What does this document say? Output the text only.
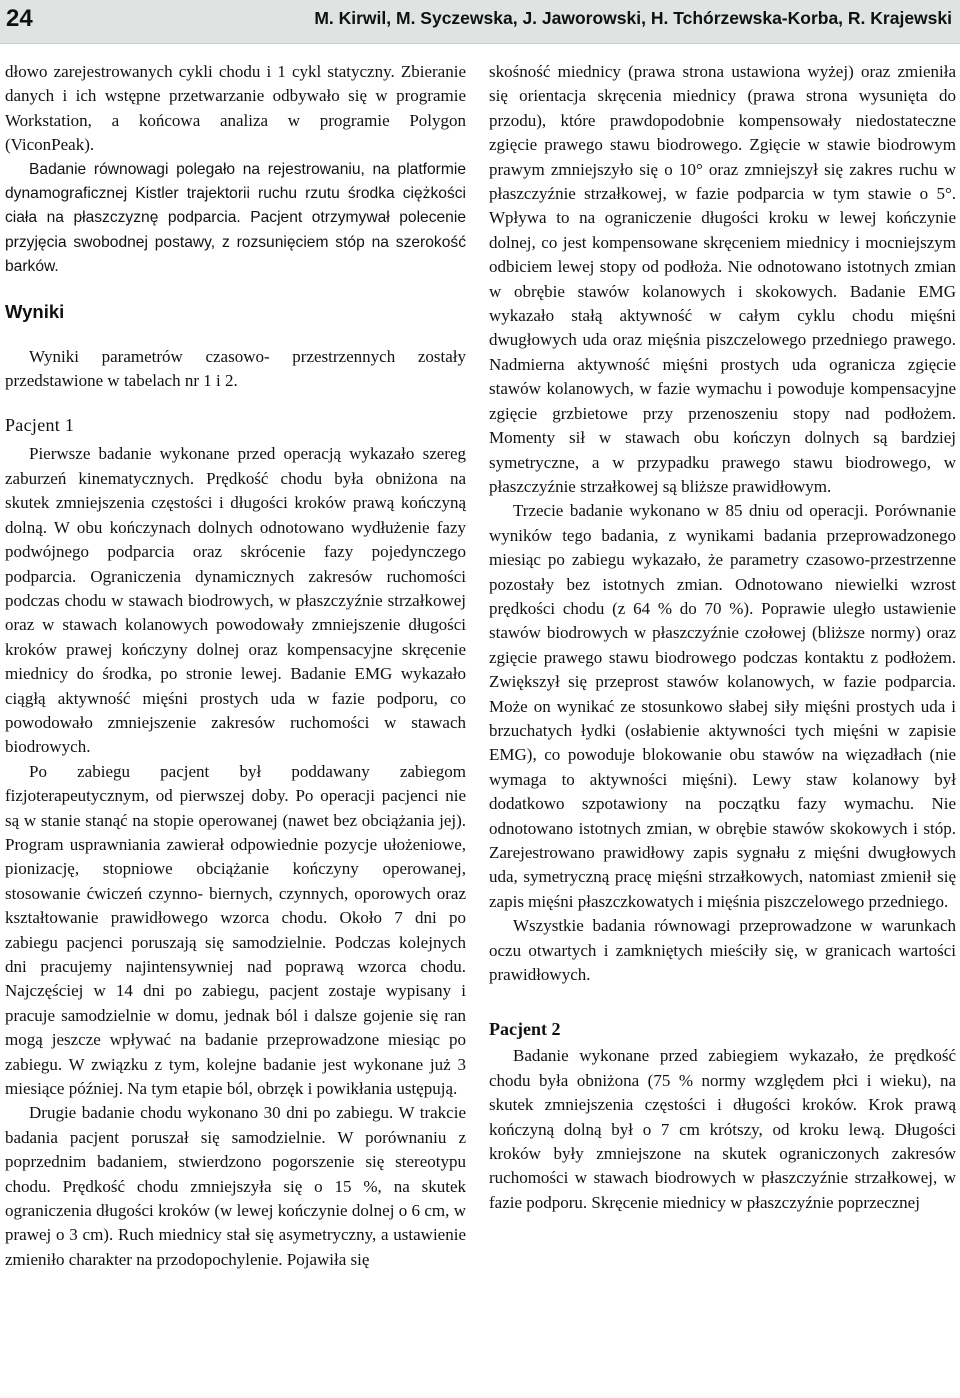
24	M. Kirwil, M. Syczewska, J. Jaworowski, H. Tchórzewska-Korba, R. Krajewski

dłowo zarejestrowanych cykli chodu i 1 cykl statyczny. Zbieranie danych i ich wstępne przetwarzanie odbywało się w programie Workstation, a końcowa analiza w programie Polygon (ViconPeak).

Badanie równowagi polegało na rejestrowaniu, na platformie dynamograficznej Kistler trajektorii ruchu rzutu środka ciężkości ciała na płaszczyznę podparcia. Pacjent otrzymywał polecenie przyjęcia swobodnej postawy, z rozsunięciem stóp na szerokość barków.

Wyniki

Wyniki parametrów czasowo- przestrzennych zostały przedstawione w tabelach nr 1 i 2.

Pacjent 1

Pierwsze badanie wykonane przed operacją wykazało szereg zaburzeń kinematycznych. Prędkość chodu była obniżona na skutek zmniejszenia częstości i długości kroków prawą kończyną dolną. W obu kończynach dolnych odnotowano wydłużenie fazy podwójnego podparcia oraz skrócenie fazy pojedynczego podparcia. Ograniczenia dynamicznych zakresów ruchomości podczas chodu w stawach biodrowych, w płaszczyźnie strzałkowej oraz w stawach kolanowych powodowały zmniejszenie długości kroków prawej kończyny dolnej oraz kompensacyjne skręcenie miednicy do środka, po stronie lewej. Badanie EMG wykazało ciągłą aktywność mięśni prostych uda w fazie podporu, co powodowało zmniejszenie zakresów ruchomości w stawach biodrowych.

Po zabiegu pacjent był poddawany zabiegom fizjoterapeutycznym, od pierwszej doby. Po operacji pacjenci nie są w stanie stanąć na stopie operowanej (nawet bez obciążania jej). Program usprawniania zawierał odpowiednie pozycje ułożeniowe, pionizację, stopniowe obciążanie kończyny operowanej, stosowanie ćwiczeń czynno- biernych, czynnych, oporowych oraz kształtowanie prawidłowego wzorca chodu. Około 7 dni po zabiegu pacjenci poruszają się samodzielnie. Podczas kolejnych dni pracujemy najintensywniej nad poprawą wzorca chodu. Najczęściej w 14 dni po zabiegu, pacjent zostaje wypisany i pracuje samodzielnie w domu, jednak ból i dalsze gojenie się ran mogą jeszcze wpływać na badanie przeprowadzone miesiąc po zabiegu. W związku z tym, kolejne badanie jest wykonane już 3 miesiące później. Na tym etapie ból, obrzęk i powikłania ustępują.

Drugie badanie chodu wykonano 30 dni po zabiegu. W trakcie badania pacjent poruszał się samodzielnie. W porównaniu z poprzednim badaniem, stwierdzono pogorszenie się stereotypu chodu. Prędkość chodu zmniejszyła się o 15 %, na skutek ograniczenia długości kroków (w lewej kończynie dolnej o 6 cm, w prawej o 3 cm). Ruch miednicy stał się asymetryczny, a ustawienie zmieniło charakter na przodopochylenie. Pojawiła się

skośność miednicy (prawa strona ustawiona wyżej) oraz zmieniła się orientacja skręcenia miednicy (prawa strona wysunięta do przodu), które prawdopodobnie kompensowały niedostateczne zgięcie prawego stawu biodrowego. Zgięcie w stawie biodrowym prawym zmniejszyło się o 10° oraz zmniejszył się zakres ruchu w płaszczyźnie strzałkowej, w fazie podparcia w tym stawie o 5°. Wpływa to na ograniczenie długości kroku w lewej kończynie dolnej, co jest kompensowane skręceniem miednicy i mocniejszym odbiciem lewej stopy od podłoża. Nie odnotowano istotnych zmian w obrębie stawów kolanowych i skokowych. Badanie EMG wykazało stałą aktywność w całym cyklu chodu mięśni dwugłowych uda oraz mięśnia piszczelowego przedniego prawego. Nadmierna aktywność mięśni prostych uda ogranicza zgięcie stawów kolanowych, w fazie wymachu i powoduje kompensacyjne zgięcie grzbietowe przy przenoszeniu stopy nad podłożem. Momenty sił w stawach obu kończyn dolnych są bardziej symetryczne, a w przypadku prawego stawu biodrowego, w płaszczyźnie strzałkowej są bliższe prawidłowym.

Trzecie badanie wykonano w 85 dniu od operacji. Porównanie wyników tego badania, z wynikami badania przeprowadzonego miesiąc po zabiegu wykazało, że parametry czasowo-przestrzenne pozostały bez istotnych zmian. Odnotowano niewielki wzrost prędkości chodu (z 64 % do 70 %). Poprawie uległo ustawienie stawów biodrowych w płaszczyźnie czołowej (bliższe normy) oraz zgięcie prawego stawu biodrowego podczas kontaktu z podłożem. Zwiększył się przeprost stawów kolanowych, w fazie podparcia. Może on wynikać ze stosunkowo słabej siły mięśni prostych uda i brzuchatych łydki (osłabienie aktywności tych mięśni w zapisie EMG), co powoduje blokowanie obu stawów na więzadłach (nie wymaga to aktywności mięśni). Lewy staw kolanowy był dodatkowo szpotawiony na początku fazy wymachu. Nie odnotowano istotnych zmian, w obrębie stawów skokowych i stóp. Zarejestrowano prawidłowy zapis sygnału z mięśni dwugłowych uda, symetryczną pracę mięśni strzałkowych, natomiast zmienił się zapis mięśni płaszczkowatych i mięśnia piszczelowego przedniego.

Wszystkie badania równowagi przeprowadzone w warunkach oczu otwartych i zamkniętych mieściły się, w granicach wartości prawidłowych.

Pacjent 2

Badanie wykonane przed zabiegiem wykazało, że prędkość chodu była obniżona (75 % normy względem płci i wieku), na skutek zmniejszenia częstości i długości kroków. Krok prawą kończyną dolną był o 7 cm krótszy, od kroku lewą. Długości kroków były zmniejszone na skutek ograniczonych zakresów ruchomości w stawach biodrowych w płaszczyźnie strzałkowej, w fazie podporu. Skręcenie miednicy w płaszczyźnie poprzecznej
